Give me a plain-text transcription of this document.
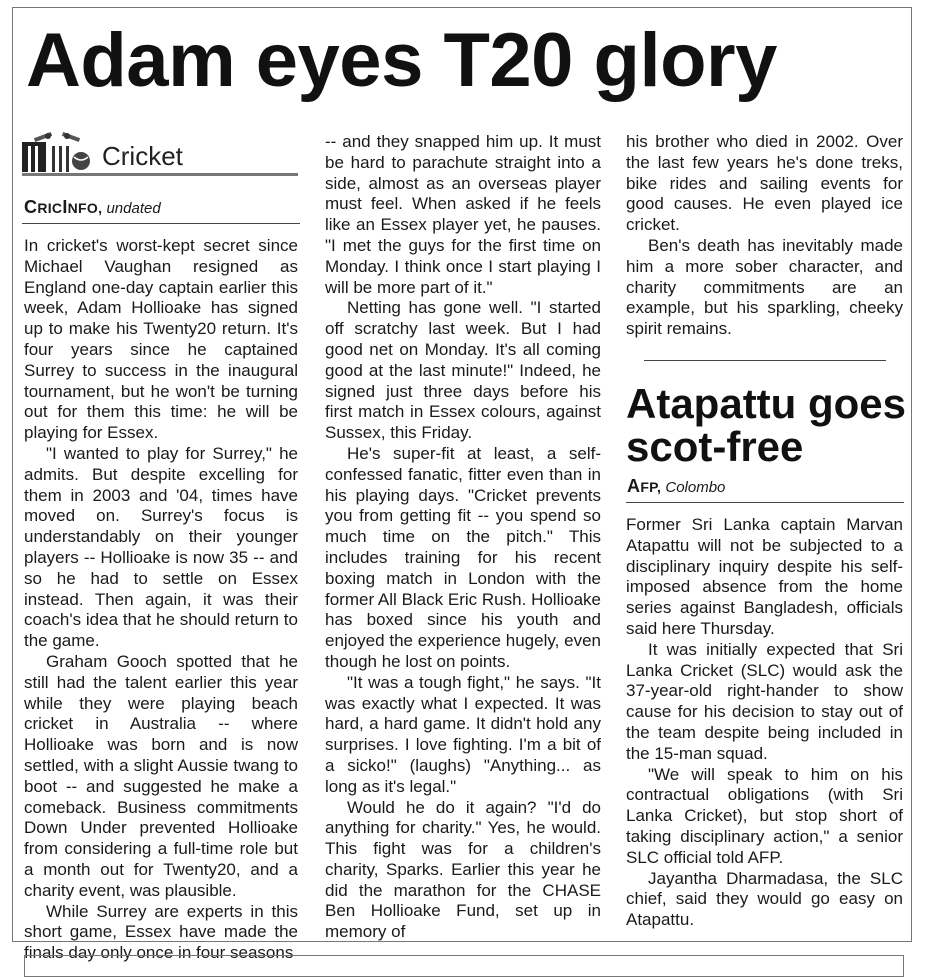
Adam eyes T20 glory
Cricket
CRICINFO, undated

In cricket's worst-kept secret since Michael Vaughan resigned as England one-day captain earlier this week, Adam Hollioake has signed up to make his Twenty20 return. It's four years since he captained Surrey to success in the inaugural tournament, but he won't be turning out for them this time: he will be playing for Essex.

"I wanted to play for Surrey," he admits. But despite excelling for them in 2003 and '04, times have moved on. Surrey's focus is understandably on their younger players -- Hollioake is now 35 -- and so he had to settle on Essex instead. Then again, it was their coach's idea that he should return to the game.

Graham Gooch spotted that he still had the talent earlier this year while they were playing beach cricket in Australia -- where Hollioake was born and is now settled, with a slight Aussie twang to boot -- and suggested he make a comeback. Business commitments Down Under prevented Hollioake from considering a full-time role but a month out for Twenty20, and a charity event, was plausible.

While Surrey are experts in this short game, Essex have made the finals day only once in four seasons

-- and they snapped him up. It must be hard to parachute straight into a side, almost as an overseas player must feel. When asked if he feels like an Essex player yet, he pauses. "I met the guys for the first time on Monday. I think once I start playing I will be more part of it."

Netting has gone well. "I started off scratchy last week. But I had good net on Monday. It's all coming good at the last minute!" Indeed, he signed just three days before his first match in Essex colours, against Sussex, this Friday.

He's super-fit at least, a self-confessed fanatic, fitter even than in his playing days. "Cricket prevents you from getting fit -- you spend so much time on the pitch." This includes training for his recent boxing match in London with the former All Black Eric Rush. Hollioake has boxed since his youth and enjoyed the experience hugely, even though he lost on points.

"It was a tough fight," he says. "It was exactly what I expected. It was hard, a hard game. It didn't hold any surprises. I love fighting. I'm a bit of a sicko!" (laughs) "Anything... as long as it's legal."

Would he do it again? "I'd do anything for charity." Yes, he would. This fight was for a children's charity, Sparks. Earlier this year he did the marathon for the CHASE Ben Hollioake Fund, set up in memory of

his brother who died in 2002. Over the last few years he's done treks, bike rides and sailing events for good causes. He even played ice cricket.

Ben's death has inevitably made him a more sober character, and charity commitments are an example, but his sparkling, cheeky spirit remains.

Atapattu goes scot-free
AFP, Colombo

Former Sri Lanka captain Marvan Atapattu will not be subjected to a disciplinary inquiry despite his self-imposed absence from the home series against Bangladesh, officials said here Thursday.

It was initially expected that Sri Lanka Cricket (SLC) would ask the 37-year-old right-hander to show cause for his decision to stay out of the team despite being included in the 15-man squad.

"We will speak to him on his contractual obligations (with Sri Lanka Cricket), but stop short of taking disciplinary action," a senior SLC official told AFP.

Jayantha Dharmadasa, the SLC chief, said they would go easy on Atapattu.
